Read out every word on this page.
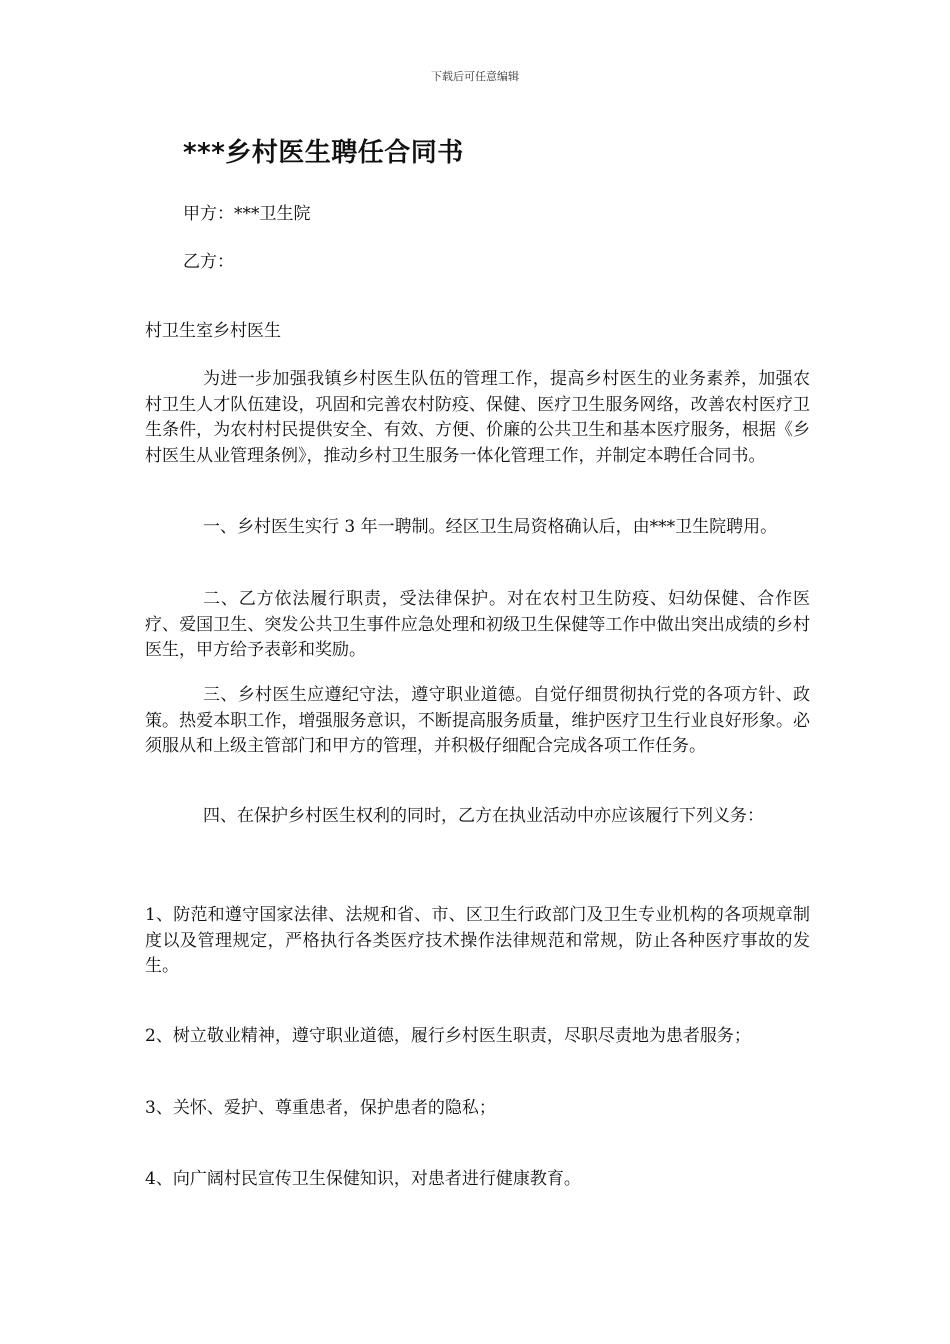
下载后可任意编辑
***乡村医生聘任合同书
甲方：***卫生院
乙方：

村卫生室乡村医生

为进一步加强我镇乡村医生队伍的管理工作，提高乡村医生的业务素养，加强农村卫生人才队伍建设，巩固和完善农村防疫、保健、医疗卫生服务网络，改善农村医疗卫生条件，为农村村民提供安全、有效、方便、价廉的公共卫生和基本医疗服务，根据《乡村医生从业管理条例》，推动乡村卫生服务一体化管理工作，并制定本聘任合同书。

一、乡村医生实行 3 年一聘制。经区卫生局资格确认后，由***卫生院聘用。

二、乙方依法履行职责，受法律保护。对在农村卫生防疫、妇幼保健、合作医疗、爱国卫生、突发公共卫生事件应急处理和初级卫生保健等工作中做出突出成绩的乡村医生，甲方给予表彰和奖励。

三、乡村医生应遵纪守法，遵守职业道德。自觉仔细贯彻执行党的各项方针、政策。热爱本职工作，增强服务意识，不断提高服务质量，维护医疗卫生行业良好形象。必须服从和上级主管部门和甲方的管理，并积极仔细配合完成各项工作任务。

四、在保护乡村医生权利的同时，乙方在执业活动中亦应该履行下列义务：

1、防范和遵守国家法律、法规和省、市、区卫生行政部门及卫生专业机构的各项规章制度以及管理规定，严格执行各类医疗技术操作法律规范和常规，防止各种医疗事故的发生。

2、树立敬业精神，遵守职业道德，履行乡村医生职责，尽职尽责地为患者服务；

3、关怀、爱护、尊重患者，保护患者的隐私；

4、向广阔村民宣传卫生保健知识，对患者进行健康教育。
